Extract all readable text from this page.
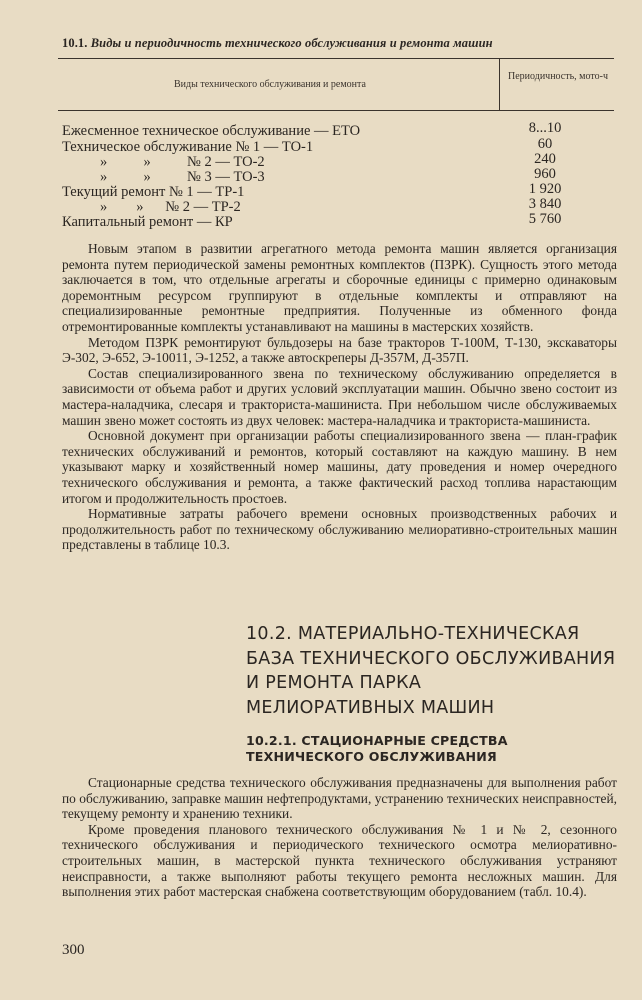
10.1. Виды и периодичность технического обслуживания и ремонта машин
Виды технического обслуживания и ремонта
Периодичность, мото-ч
Ежесменное техническое обслуживание — ЕТО	8...10
Техническое обслуживание № 1 — ТО-1	60
»          »          № 2 — ТО-2	240
»          »          № 3 — ТО-3	960
Текущий ремонт № 1 — ТР-1	1 920
»        »      № 2 — ТР-2	3 840
Капитальный ремонт — КР	5 760

Новым этапом в развитии агрегатного метода ремонта машин является организация ремонта путем периодической замены ремонтных комплектов (ПЗРК). Сущность этого метода заключается в том, что отдельные агрегаты и сборочные единицы с примерно одинаковым доремонтным ресурсом группируют в отдельные комплекты и отправляют на специализированные ремонтные предприятия. Полученные из обменного фонда отремонтированные комплекты устанавливают на машины в мастерских хозяйств.

Методом ПЗРК ремонтируют бульдозеры на базе тракторов Т-100М, Т-130, экскаваторы Э-302, Э-652, Э-10011, Э-1252, а также автоскреперы Д-357М, Д-357П.

Состав специализированного звена по техническому обслуживанию определяется в зависимости от объема работ и других условий эксплуатации машин. Обычно звено состоит из мастера-наладчика, слесаря и тракториста-машиниста. При небольшом числе обслуживаемых машин звено может состоять из двух человек: мастера-наладчика и тракториста-машиниста.

Основной документ при организации работы специализированного звена — план-график технических обслуживаний и ремонтов, который составляют на каждую машину. В нем указывают марку и хозяйственный номер машины, дату проведения и номер очередного технического обслуживания и ремонта, а также фактический расход топлива нарастающим итогом и продолжительность простоев.

Нормативные затраты рабочего времени основных производственных рабочих и продолжительность работ по техническому обслуживанию мелиоративно-строительных машин представлены в таблице 10.3.

10.2. МАТЕРИАЛЬНО-ТЕХНИЧЕСКАЯ
БАЗА ТЕХНИЧЕСКОГО ОБСЛУЖИВАНИЯ
И РЕМОНТА ПАРКА
МЕЛИОРАТИВНЫХ МАШИН
10.2.1. СТАЦИОНАРНЫЕ СРЕДСТВА
ТЕХНИЧЕСКОГО ОБСЛУЖИВАНИЯ

Стационарные средства технического обслуживания предназначены для выполнения работ по обслуживанию, заправке машин нефтепродуктами, устранению технических неисправностей, текущему ремонту и хранению техники.

Кроме проведения планового технического обслуживания № 1 и № 2, сезонного технического обслуживания и периодического технического осмотра мелиоративно-строительных машин, в мастерской пункта технического обслуживания устраняют неисправности, а также выполняют работы текущего ремонта несложных машин. Для выполнения этих работ мастерская снабжена соответствующим оборудованием (табл. 10.4).

300
